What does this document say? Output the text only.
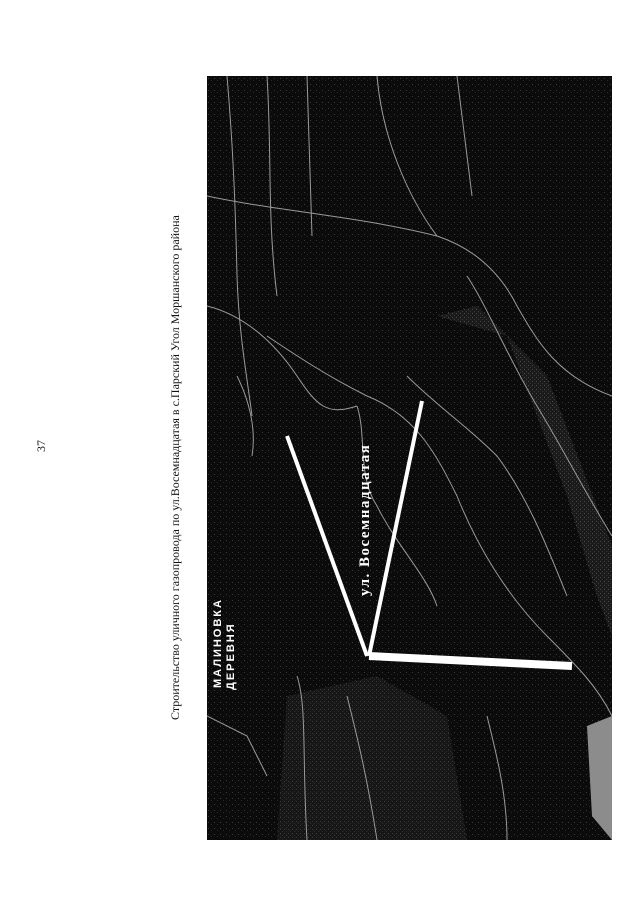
37	Строительство уличного газопровода по ул.Восемнадцатая в с.Парский Угол Моршанского района	ул. Восемнадцатая
МАЛИНОВКА ДЕРЕВНЯ
